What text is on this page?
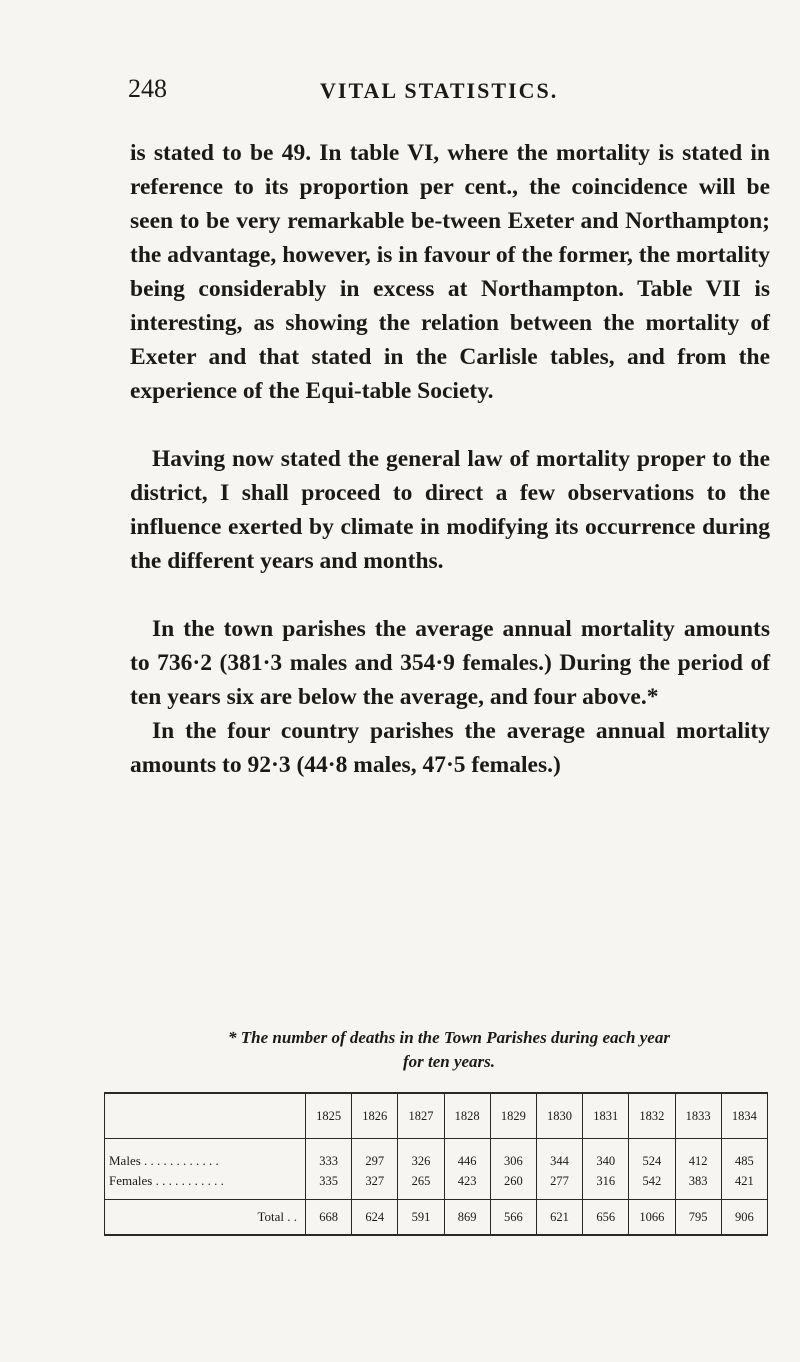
248	VITAL STATISTICS.

is stated to be 49. In table VI, where the mortality is stated in reference to its proportion per cent., the coincidence will be seen to be very remarkable be-tween Exeter and Northampton; the advantage, however, is in favour of the former, the mortality being considerably in excess at Northampton. Table VII is interesting, as showing the relation between the mortality of Exeter and that stated in the Carlisle tables, and from the experience of the Equi-table Society.

Having now stated the general law of mortality proper to the district, I shall proceed to direct a few observations to the influence exerted by climate in modifying its occurrence during the different years and months.

In the town parishes the average annual mortality amounts to 736·2 (381·3 males and 354·9 females.) During the period of ten years six are below the average, and four above.*

In the four country parishes the average annual mortality amounts to 92·3 (44·8 males, 47·5 females.)

* The number of deaths in the Town Parishes during each year
for ten years.
	1825	1826	1827	1828	1829	1830	1831	1832	1833	1834
Males . . . . . . . . . . . .	333	297	326	446	306	344	340	524	412	485
Females . . . . . . . . . . .	335	327	265	423	260	277	316	542	383	421
Total . .	668	624	591	869	566	621	656	1066	795	906
